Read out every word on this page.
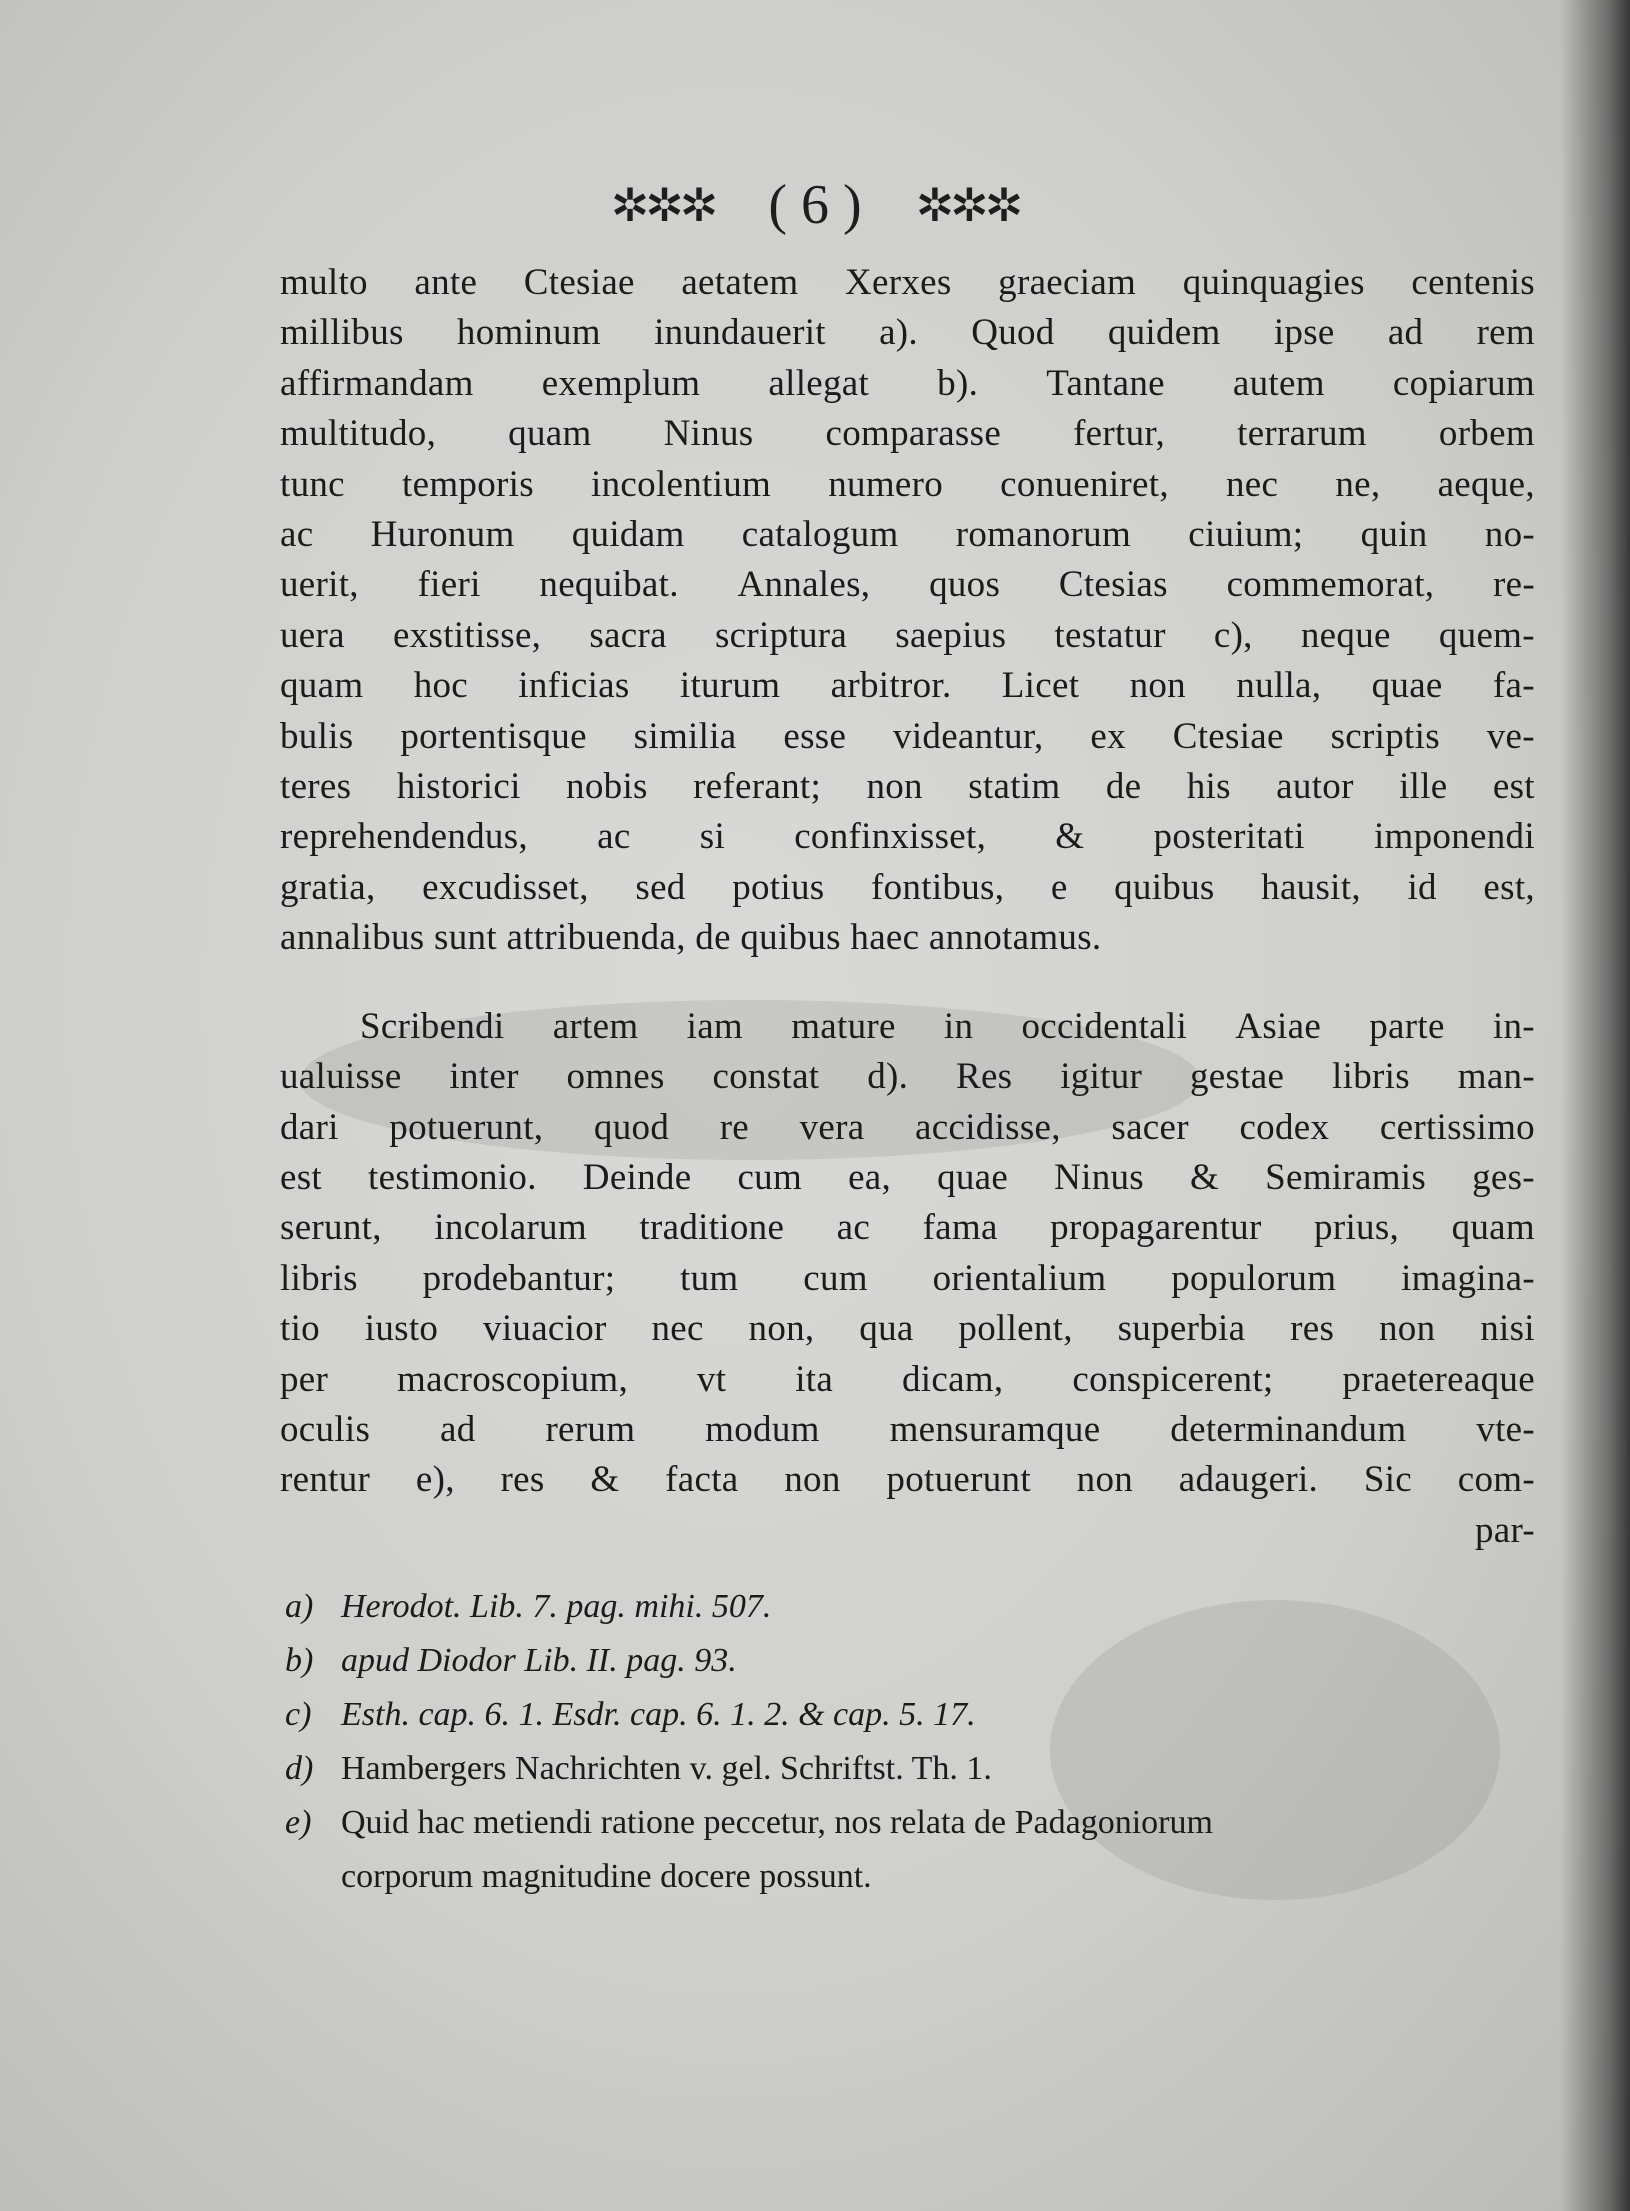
✲✲✲ ( 6 ) ✲✲✲
multo ante Ctesiae aetatem Xerxes graeciam quinquagies centenis
millibus hominum inundauerit a). Quod quidem ipse ad rem
affirmandam exemplum allegat b). Tantane autem copiarum
multitudo, quam Ninus comparasse fertur, terrarum orbem
tunc temporis incolentium numero conueniret, nec ne, aeque,
ac Huronum quidam catalogum romanorum ciuium; quin no-
uerit, fieri nequibat. Annales, quos Ctesias commemorat, re-
uera exstitisse, sacra scriptura saepius testatur c), neque quem-
quam hoc inficias iturum arbitror. Licet non nulla, quae fa-
bulis portentisque similia esse videantur, ex Ctesiae scriptis ve-
teres historici nobis referant; non statim de his autor ille est
reprehendendus, ac si confinxisset, & posteritati imponendi
gratia, excudisset, sed potius fontibus, e quibus hausit, id est,
annalibus sunt attribuenda, de quibus haec annotamus.
Scribendi artem iam mature in occidentali Asiae parte in-
ualuisse inter omnes constat d). Res igitur gestae libris man-
dari potuerunt, quod re vera accidisse, sacer codex certissimo
est testimonio. Deinde cum ea, quae Ninus & Semiramis ges-
serunt, incolarum traditione ac fama propagarentur prius, quam
libris prodebantur; tum cum orientalium populorum imagina-
tio iusto viuacior nec non, qua pollent, superbia res non nisi
per macroscopium, vt ita dicam, conspicerent; praetereaque
oculis ad rerum modum mensuramque determinandum vte-
rentur e), res & facta non potuerunt non adaugeri. Sic com-
par-
a) Herodot. Lib. 7. pag. mihi. 507.
b) apud Diodor Lib. II. pag. 93.
c) Esth. cap. 6. 1. Esdr. cap. 6. 1. 2. & cap. 5. 17.
d) Hambergers Nachrichten v. gel. Schriftst. Th. 1.
e) Quid hac metiendi ratione peccetur, nos relata de Padagoniorum
corporum magnitudine docere possunt.
